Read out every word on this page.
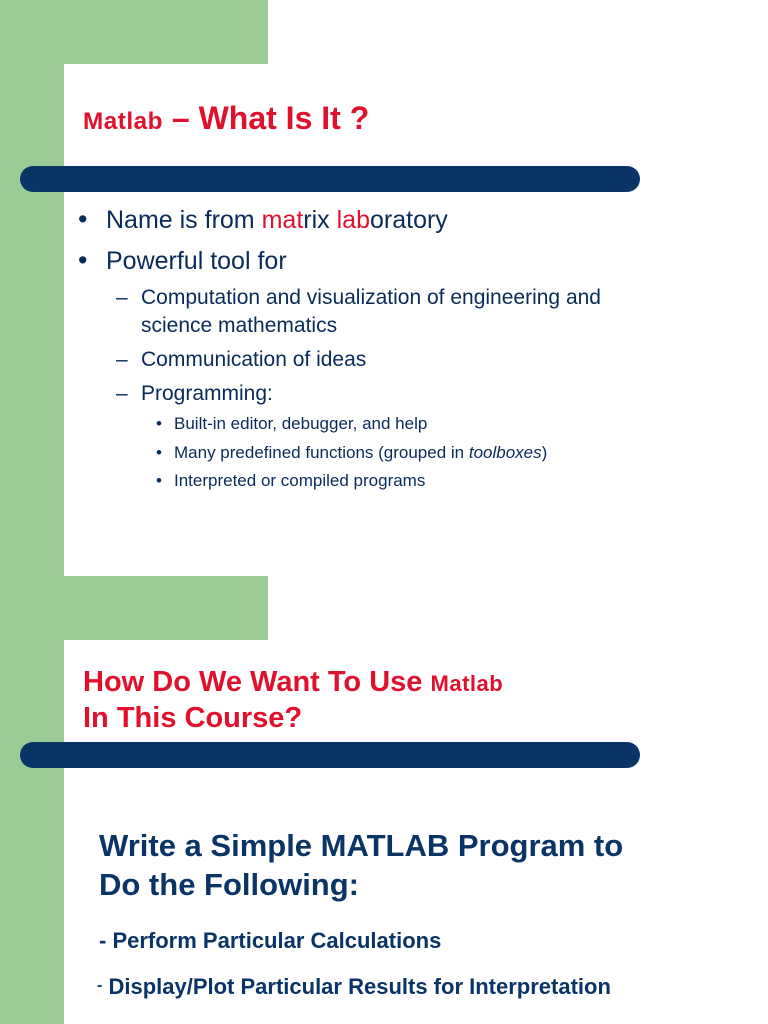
Matlab – What Is It ?
• Name is from matrix laboratory
• Powerful tool for
– Computation and visualization of engineering and
science mathematics
– Communication of ideas
– Programming:
• Built-in editor, debugger, and help
• Many predefined functions (grouped in toolboxes)
• Interpreted or compiled programs
How Do We Want To Use Matlab
In This Course?

Write a Simple MATLAB Program to
Do the Following:

- Perform Particular Calculations
- Display/Plot Particular Results for Interpretation
